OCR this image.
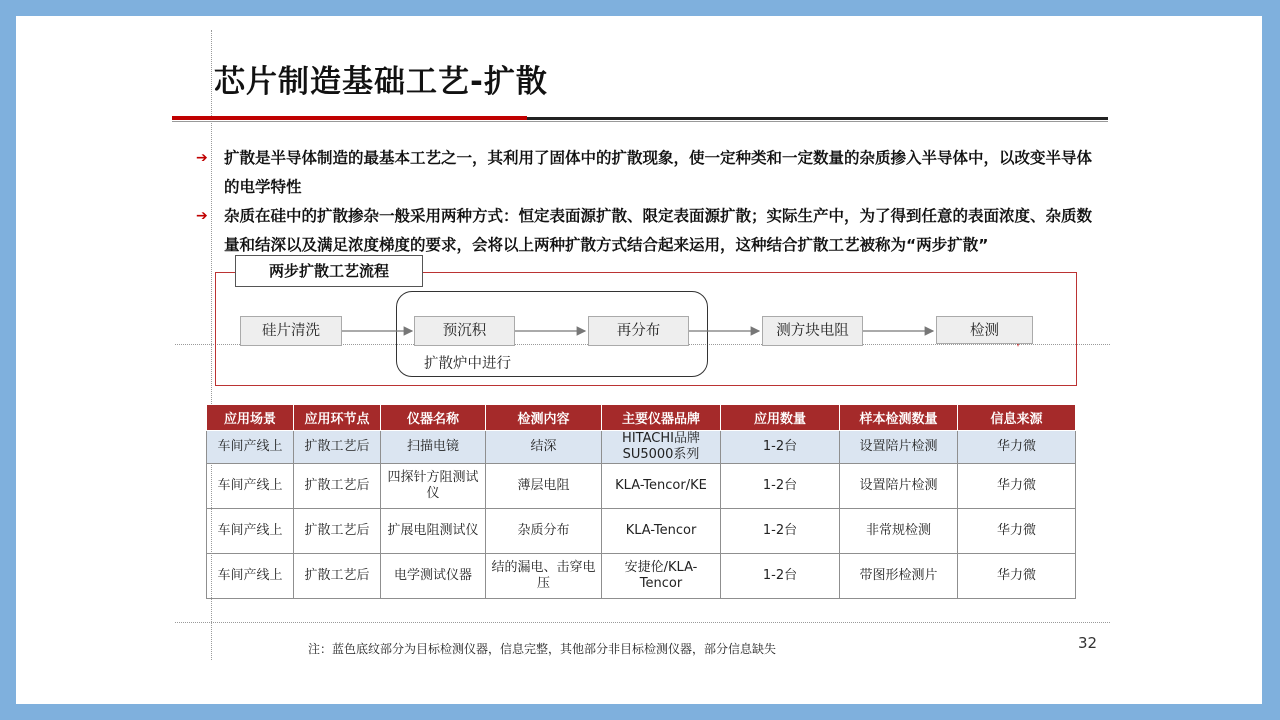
芯片制造基础工艺-扩散
➔ 扩散是半导体制造的最基本工艺之一，其利用了固体中的扩散现象，使一定种类和一定数量的杂质掺入半导体中，以改变半导体的电学特性
➔ 杂质在硅中的扩散掺杂一般采用两种方式：恒定表面源扩散、限定表面源扩散；实际生产中，为了得到任意的表面浓度、杂质数量和结深以及满足浓度梯度的要求，会将以上两种扩散方式结合起来运用，这种结合扩散工艺被称为“两步扩散”
两步扩散工艺流程
硅片清洗	预沉积	再分布	测方块电阻	检测
扩散炉中进行
应用场景	应用环节点	仪器名称	检测内容	主要仪器品牌	应用数量	样本检测数量	信息来源
车间产线上	扩散工艺后	扫描电镜	结深	HITACHI品牌SU5000系列	1-2台	设置陪片检测	华力微
车间产线上	扩散工艺后	四探针方阻测试仪	薄层电阻	KLA-Tencor/KE	1-2台	设置陪片检测	华力微
车间产线上	扩散工艺后	扩展电阻测试仪	杂质分布	KLA-Tencor	1-2台	非常规检测	华力微
车间产线上	扩散工艺后	电学测试仪器	结的漏电、击穿电压	安捷伦/KLA-Tencor	1-2台	带图形检测片	华力微
注：蓝色底纹部分为目标检测仪器，信息完整，其他部分非目标检测仪器，部分信息缺失	32
